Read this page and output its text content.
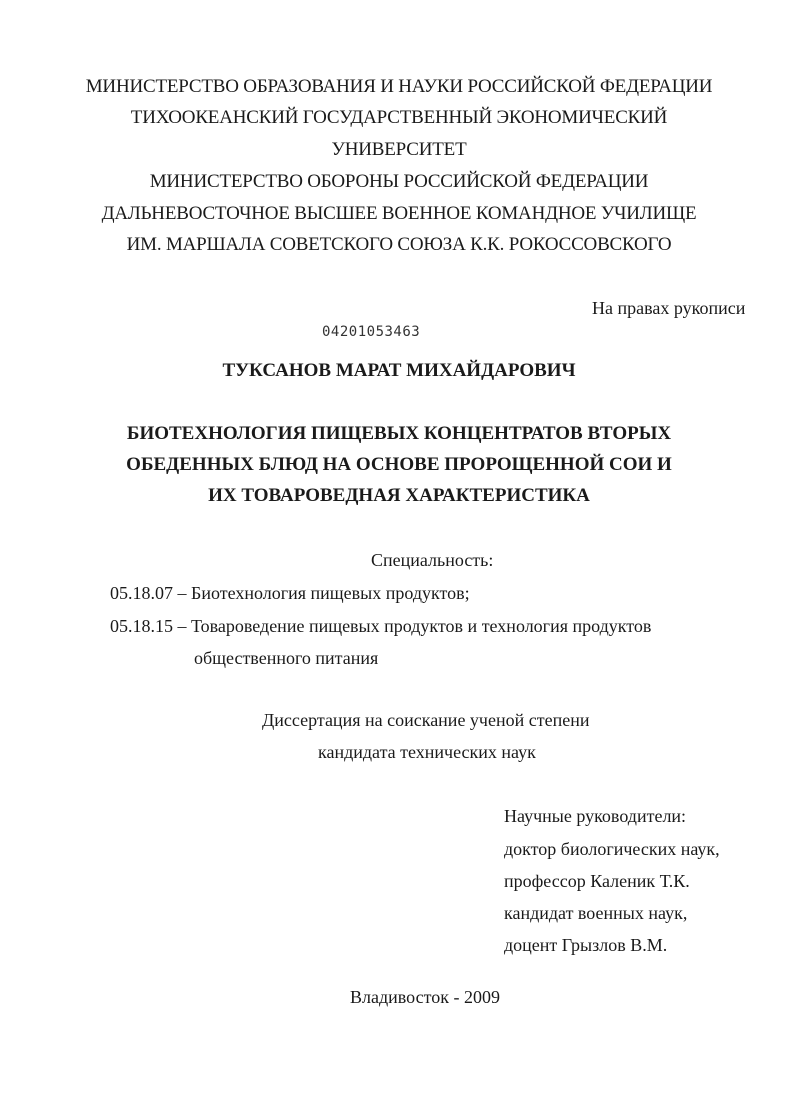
МИНИСТЕРСТВО ОБРАЗОВАНИЯ И НАУКИ РОССИЙСКОЙ ФЕДЕРАЦИИ
ТИХООКЕАНСКИЙ ГОСУДАРСТВЕННЫЙ ЭКОНОМИЧЕСКИЙ
УНИВЕРСИТЕТ
МИНИСТЕРСТВО ОБОРОНЫ РОССИЙСКОЙ ФЕДЕРАЦИИ
ДАЛЬНЕВОСТОЧНОЕ ВЫСШЕЕ ВОЕННОЕ КОМАНДНОЕ УЧИЛИЩЕ
ИМ. МАРШАЛА СОВЕТСКОГО СОЮЗА К.К. РОКОССОВСКОГО
На правах рукописи
04201053463
ТУКСАНОВ МАРАТ МИХАЙДАРОВИЧ
БИОТЕХНОЛОГИЯ ПИЩЕВЫХ КОНЦЕНТРАТОВ ВТОРЫХ
ОБЕДЕННЫХ БЛЮД НА ОСНОВЕ ПРОРОЩЕННОЙ СОИ И
ИХ ТОВАРОВЕДНАЯ ХАРАКТЕРИСТИКА
Специальность:
05.18.07 – Биотехнология пищевых продуктов;
05.18.15 – Товароведение пищевых продуктов и технология продуктов
общественного питания
Диссертация на соискание ученой степени
кандидата технических наук
Научные руководители:
доктор биологических наук,
профессор Каленик Т.К.
кандидат военных наук,
доцент Грызлов В.М.
Владивосток - 2009
